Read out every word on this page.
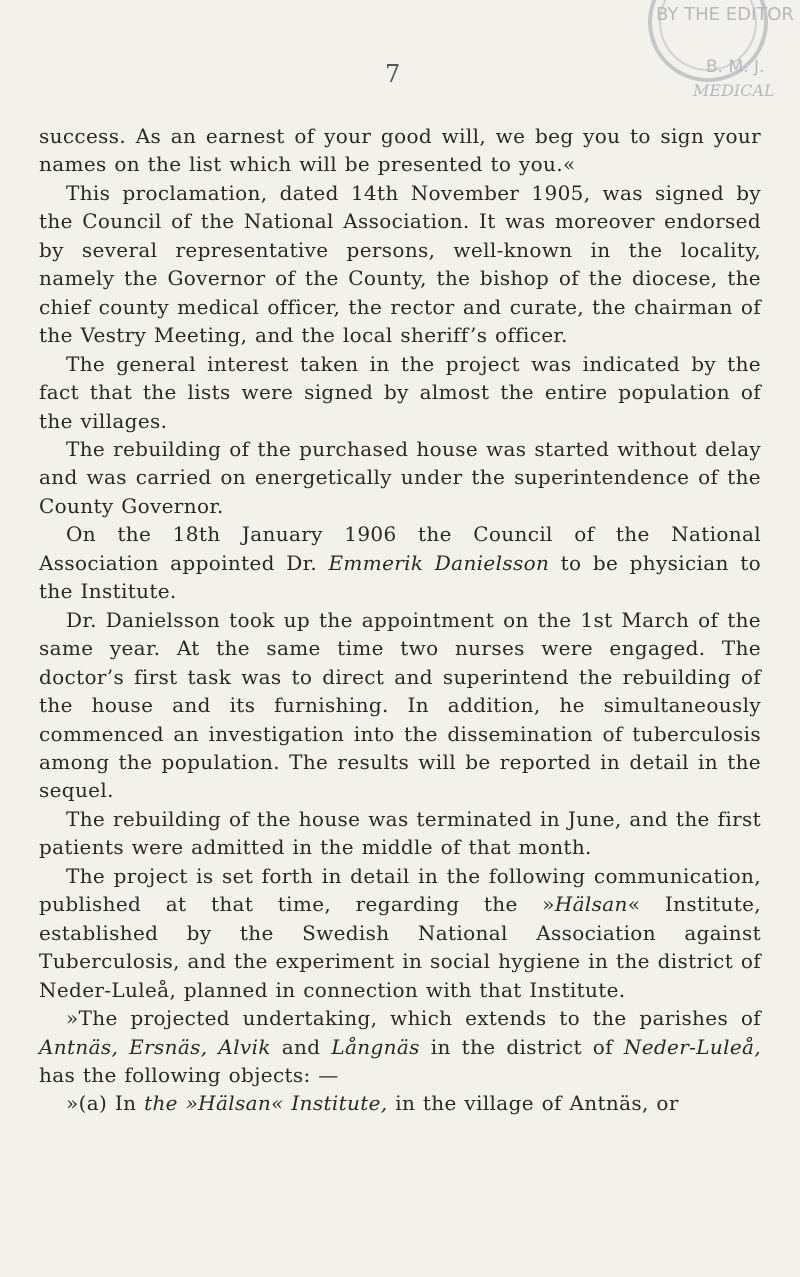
7
BY THE EDITOR
B. M. J.
MEDICAL

success. As an earnest of your good will, we beg you to sign your names on the list which will be presented to you.«

This proclamation, dated 14th November 1905, was signed by the Council of the National Association. It was moreover endorsed by several representative persons, well-known in the locality, namely the Governor of the County, the bishop of the diocese, the chief county medical officer, the rector and curate, the chairman of the Vestry Meeting, and the local sheriff’s officer.

The general interest taken in the project was indicated by the fact that the lists were signed by almost the entire population of the villages.

The rebuilding of the purchased house was started without delay and was carried on energetically under the superintendence of the County Governor.

On the 18th January 1906 the Council of the National Association appointed Dr. Emmerik Danielsson to be physician to the Institute.

Dr. Danielsson took up the appointment on the 1st March of the same year. At the same time two nurses were engaged. The doctor’s first task was to direct and superintend the rebuilding of the house and its furnishing. In addition, he simultaneously commenced an investigation into the dissemination of tuberculosis among the population. The results will be reported in detail in the sequel.

The rebuilding of the house was terminated in June, and the first patients were admitted in the middle of that month.

The project is set forth in detail in the following communication, published at that time, regarding the »Hälsan« Institute, established by the Swedish National Association against Tuberculosis, and the experiment in social hygiene in the district of Neder-Luleå, planned in connection with that Institute.

»The projected undertaking, which extends to the parishes of Antnäs, Ersnäs, Alvik and Långnäs in the district of Neder-Luleå, has the following objects: —

»(a) In the »Hälsan« Institute, in the village of Antnäs, or
